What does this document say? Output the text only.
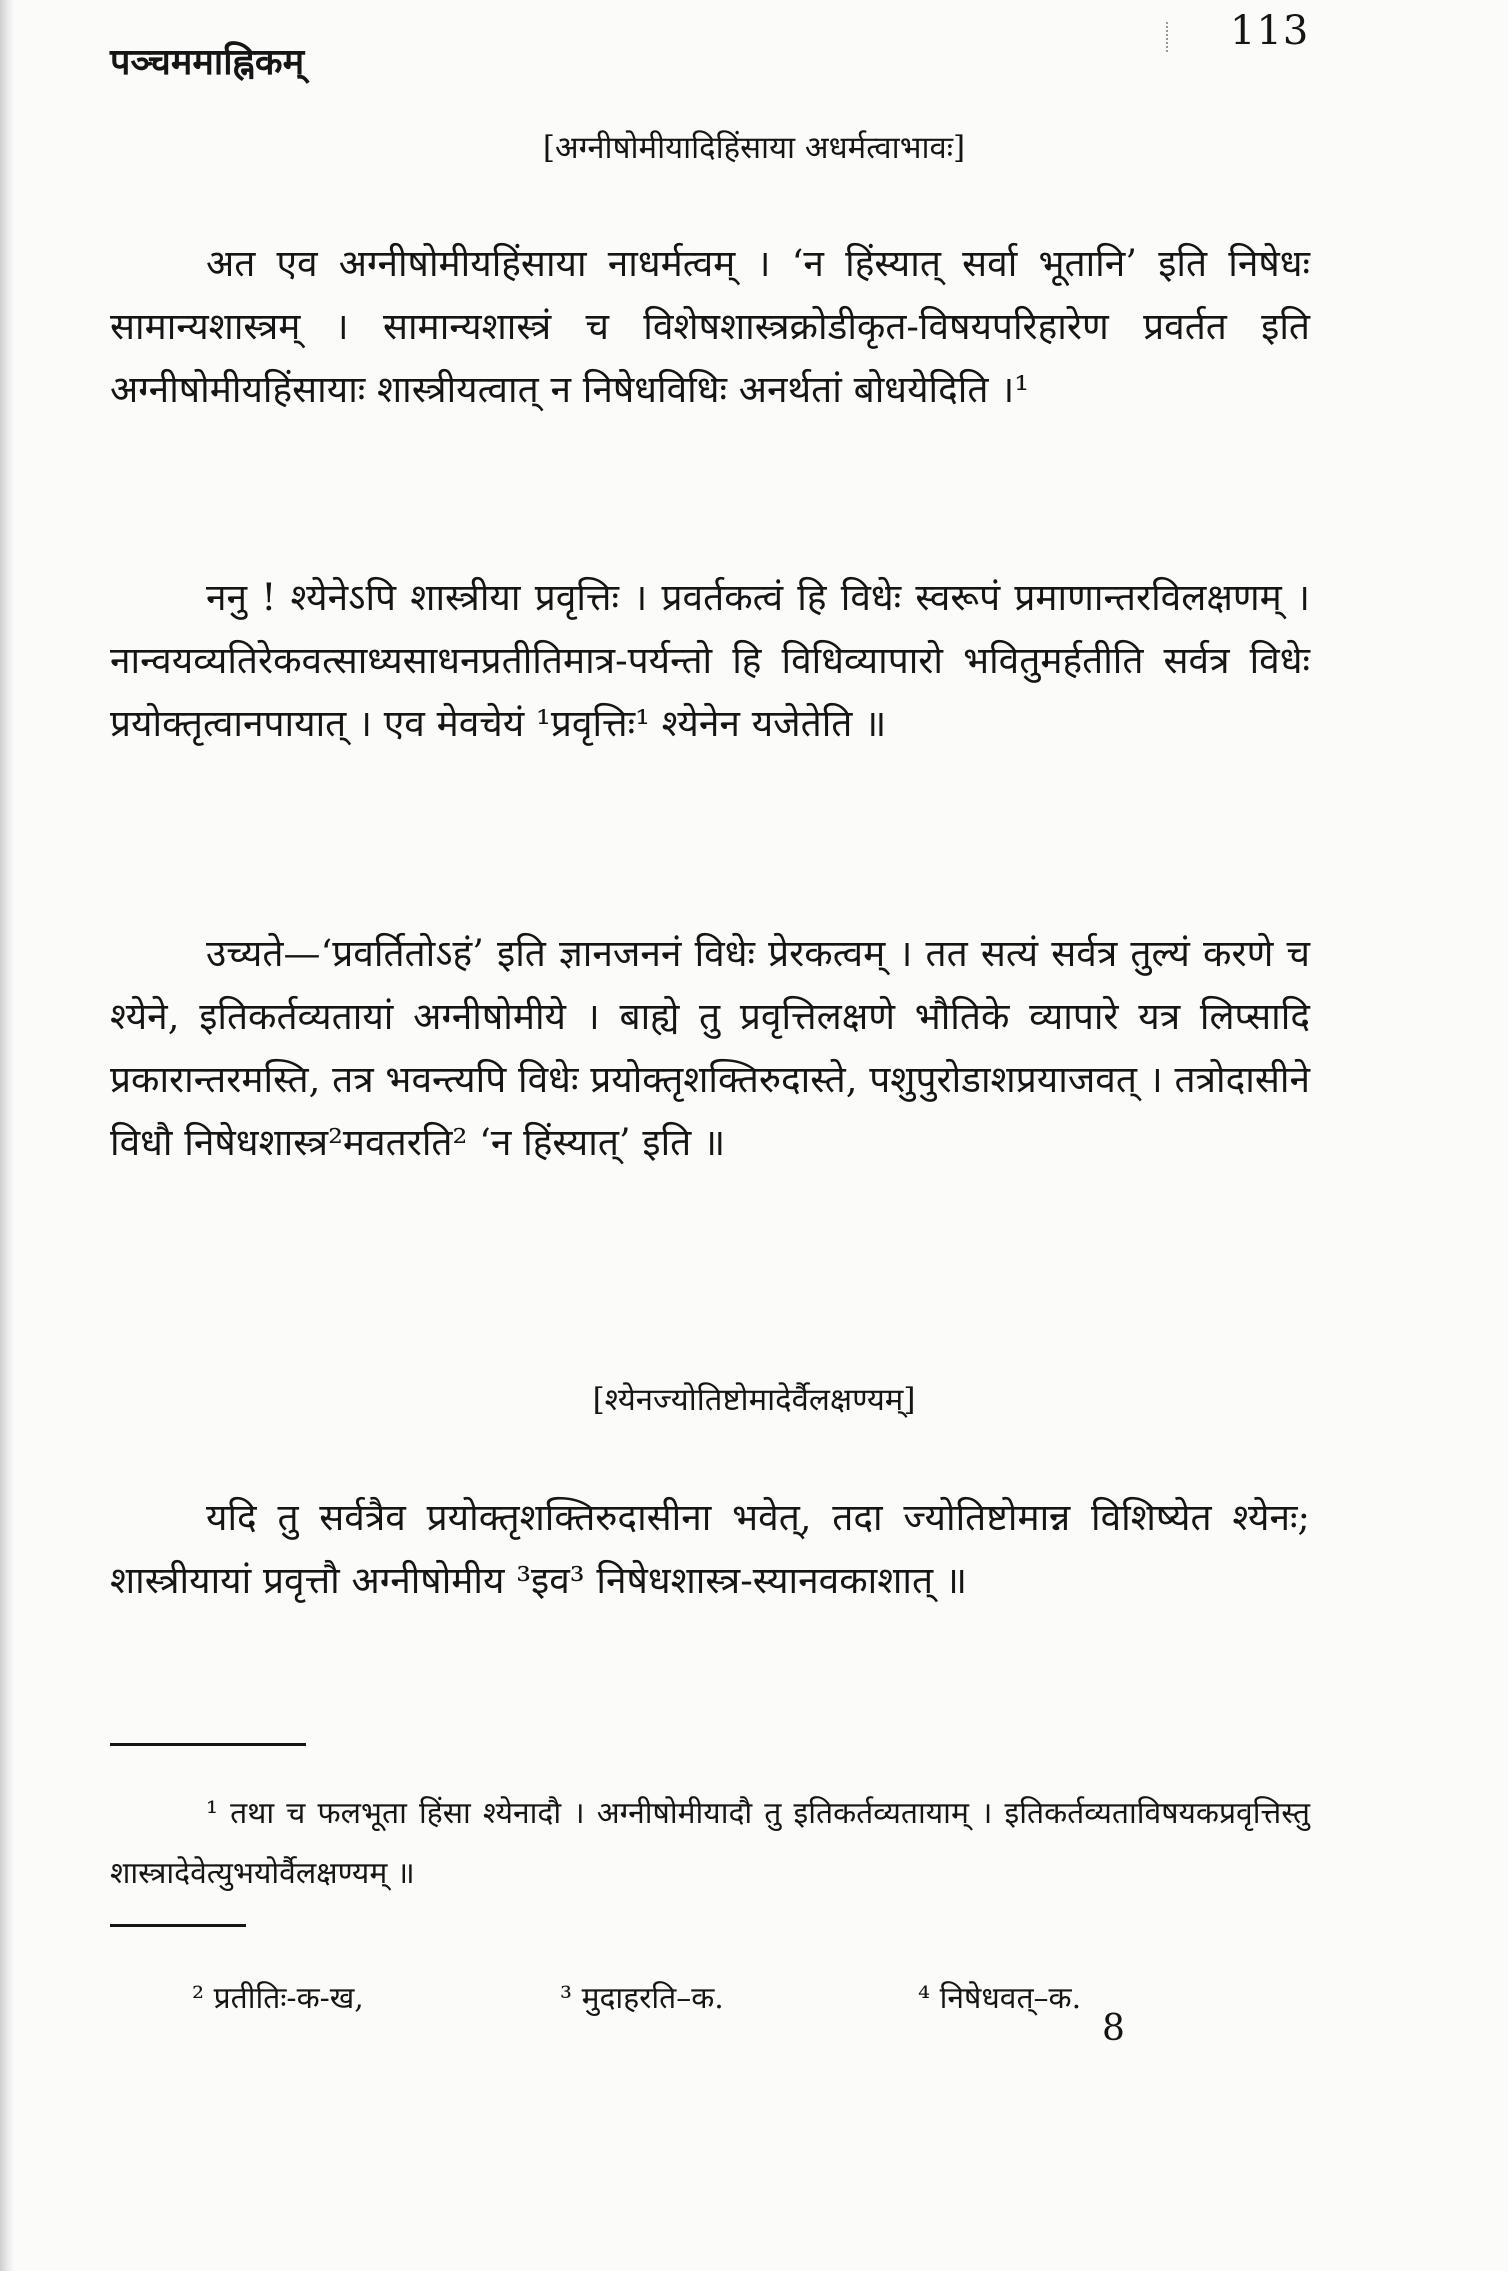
पञ्चममाह्निकम्
113
[अग्नीषोमीयादिहिंसाया अधर्मत्वाभावः]

अत एव अग्नीषोमीयहिंसाया नाधर्मत्वम् । ‘न हिंस्यात् सर्वा भूतानि’ इति निषेधः सामान्यशास्त्रम् । सामान्यशास्त्रं च विशेषशास्त्रक्रोडीकृत-विषयपरिहारेण प्रवर्तत इति अग्नीषोमीयहिंसायाः शास्त्रीयत्वात् न निषेधविधिः अनर्थतां बोधयेदिति ।¹

ननु ! श्येनेऽपि शास्त्रीया प्रवृत्तिः । प्रवर्तकत्वं हि विधेः स्वरूपं प्रमाणान्तरविलक्षणम् । नान्वयव्यतिरेकवत्साध्यसाधनप्रतीतिमात्र-पर्यन्तो हि विधिव्यापारो भवितुमर्हतीति सर्वत्र विधेः प्रयोक्तृत्वानपायात् । एव मेवचेयं ¹प्रवृत्तिः¹ श्येनेन यजेतेति ॥

उच्यते—‘प्रवर्तितोऽहं’ इति ज्ञानजननं विधेः प्रेरकत्वम् । तत सत्यं सर्वत्र तुल्यं करणे च श्येने, इतिकर्तव्यतायां अग्नीषोमीये । बाह्ये तु प्रवृत्तिलक्षणे भौतिके व्यापारे यत्र लिप्सादि प्रकारान्तरमस्ति, तत्र भवन्त्यपि विधेः प्रयोक्तृशक्तिरुदास्ते, पशुपुरोडाशप्रयाजवत् । तत्रोदासीने विधौ निषेधशास्त्र²मवतरति² ‘न हिंस्यात्’ इति ॥

[श्येनज्योतिष्टोमादेर्वैलक्षण्यम्]

यदि तु सर्वत्रैव प्रयोक्तृशक्तिरुदासीना भवेत्, तदा ज्योतिष्टोमान्न विशिष्येत श्येनः; शास्त्रीयायां प्रवृत्तौ अग्नीषोमीय ³इव³ निषेधशास्त्र-स्यानवकाशात् ॥

¹ तथा च फलभूता हिंसा श्येनादौ । अग्नीषोमीयादौ तु इतिकर्तव्यतायाम् । इतिकर्तव्यताविषयकप्रवृत्तिस्तु शास्त्रादेवेत्युभयोर्वैलक्षण्यम् ॥

² प्रतीतिः-क-ख,	³ मुदाहरति–क.	⁴ निषेधवत्–क.
8
